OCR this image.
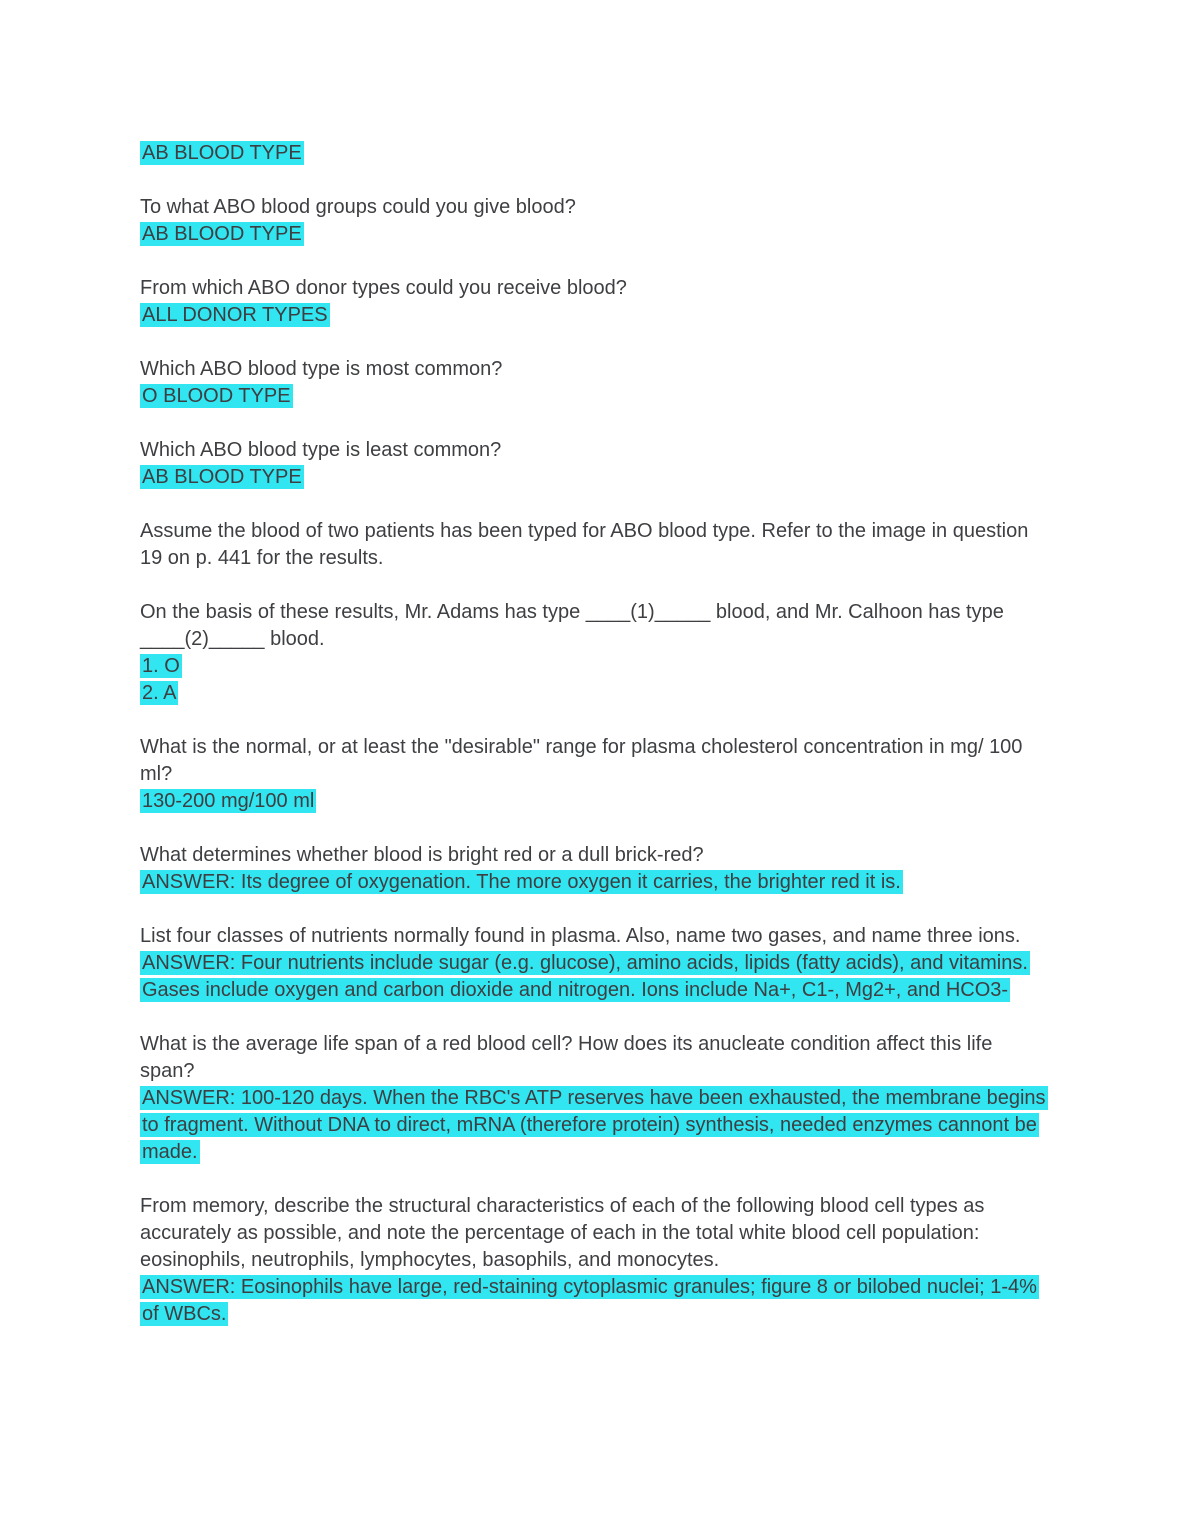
AB BLOOD TYPE
To what ABO blood groups could you give blood?
AB BLOOD TYPE
From which ABO donor types could you receive blood?
ALL DONOR TYPES
Which ABO blood type is most common?
O BLOOD TYPE
Which ABO blood type is least common?
AB BLOOD TYPE
Assume the blood of two patients has been typed for ABO blood type. Refer to the image in question 19 on p. 441 for the results.
On the basis of these results, Mr. Adams has type ____(1)_____ blood, and Mr. Calhoon has type ____(2)_____ blood.
1. O
2. A
What is the normal, or at least the "desirable" range for plasma cholesterol concentration in mg/ 100 ml?
130-200 mg/100 ml
What determines whether blood is bright red or a dull brick-red?
ANSWER: Its degree of oxygenation. The more oxygen it carries, the brighter red it is.
List four classes of nutrients normally found in plasma. Also, name two gases, and name three ions.
ANSWER: Four nutrients include sugar (e.g. glucose), amino acids, lipids (fatty acids), and vitamins. Gases include oxygen and carbon dioxide and nitrogen. Ions include Na+, C1-, Mg2+, and HCO3-
What is the average life span of a red blood cell? How does its anucleate condition affect this life span?
ANSWER: 100-120 days. When the RBC's ATP reserves have been exhausted, the membrane begins to fragment. Without DNA to direct, mRNA (therefore protein) synthesis, needed enzymes cannont be made.
From memory, describe the structural characteristics of each of the following blood cell types as accurately as possible, and note the percentage of each in the total white blood cell population: eosinophils, neutrophils, lymphocytes, basophils, and monocytes.
ANSWER: Eosinophils have large, red-staining cytoplasmic granules; figure 8 or bilobed nuclei; 1-4% of WBCs.
